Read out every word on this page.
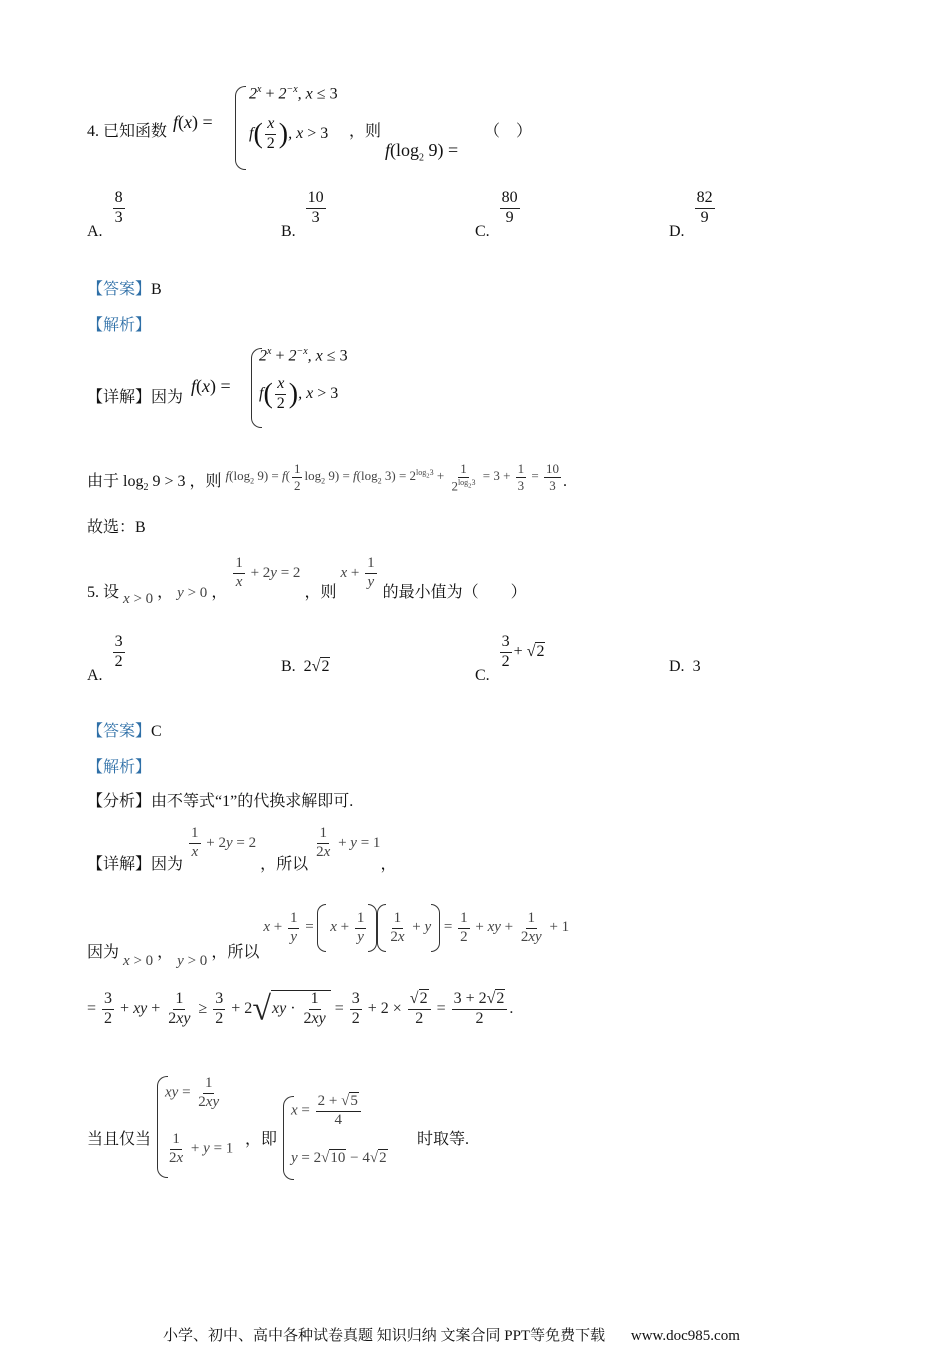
4. 已知函数 f(x) =
$2^x + 2^{-x}$, x ≤ 3
$f( \frac{x}{2}$ ), x > 3 ，则	（　）
$f(\log_2$ 9) =
A.
$\frac{8}{3}$
B.
$\frac{10}{3}$
C.
$\frac{80}{9}$
D.
$\frac{82}{9}$
【答案】B
【解析】
【详解】因为
f(x) =
$2^x + 2^{-x}$, x ≤ 3
$f( \frac{x}{2}$ ), x > 3
由于 $\log_2 9 > 3$ ，则 $_{f(log_2 9) = f( \frac{1}{2} log_2 9) = f(log_2 3) = 2^{log_23} + \frac{1}{2^{log_23}} = 3 + \frac{1}{3} = \frac{10}{3}}$ .
故选：B
5. 设 x > 0 ， y > 0 ，
$\frac{1}{x} + 2y = 2$ ，则 $x + \frac{1}{y}$
的最小值为（　　）
A.
$\frac{3}{2}$	B. 2√2
C.
$\frac{3}{2} + √2$
D. 3
【答案】C
【解析】
【分析】由不等式“1”的代换求解即可.
【详解】因为
$\frac{1}{x} + 2y = 2$ ，所以
$\frac{1}{2x} + y = 1$，
因为 x > 0 ， y > 0 ，所以 $x + \frac{1}{y} = x + \frac{1}{y} \frac{1}{2x} + y = \frac{1}{2}$ + xy + $\frac{1}{2xy} + 1$
= $\frac{3}{2}$ + xy + $\frac{1}{2xy} \ge \frac{3}{2} + 2√xy \cdot \frac{1}{2xy} = \frac{3}{2} + 2 \times \frac{√2}{2} = \frac{3 + 2√2}{2}$ .
当且仅当
xy = $\frac{1}{2xy}$
$\frac{1}{2x} + y = 1$
，即
$x = \frac{2 + √5}{4}$
y = 2√10 − 4√2
时取等.
小学、初中、高中各种试卷真题 知识归纳 文案合同 PPT等免费下载 www.doc985.com
